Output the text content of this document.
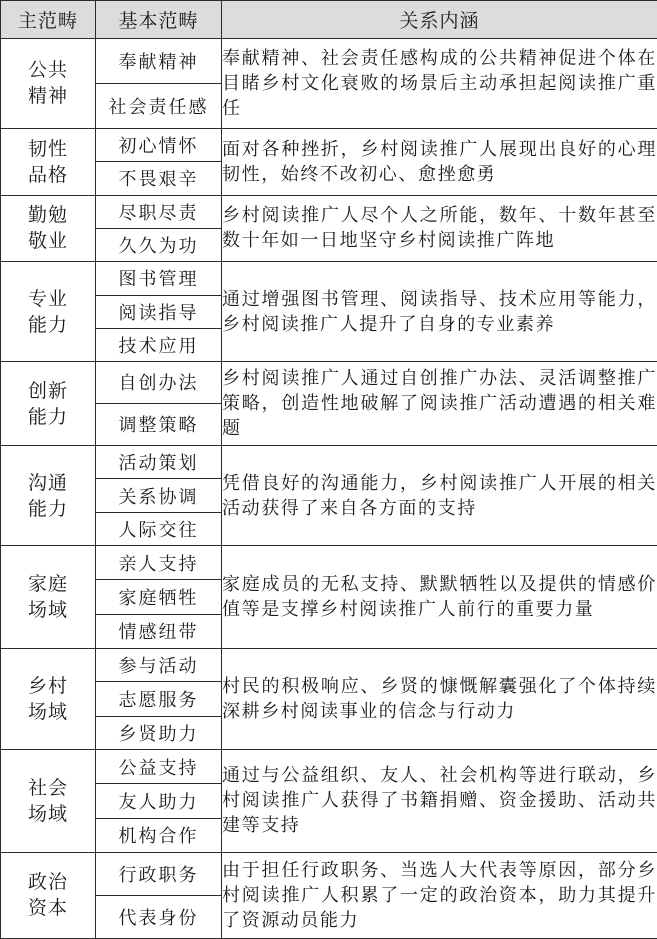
主范畴	基本范畴	关系内涵
公共精神	奉献精神	奉献精神、社会责任感构成的公共精神促进个体在目睹乡村文化衰败的场景后主动承担起阅读推广重任
	社会责任感	
韧性品格	初心情怀	面对各种挫折，乡村阅读推广人展现出良好的心理韧性，始终不改初心、愈挫愈勇
	不畏艰辛	
勤勉敬业	尽职尽责	乡村阅读推广人尽个人之所能，数年、十数年甚至数十年如一日地坚守乡村阅读推广阵地
	久久为功	
专业能力	图书管理	通过增强图书管理、阅读指导、技术应用等能力，乡村阅读推广人提升了自身的专业素养
	阅读指导	
	技术应用	
创新能力	自创办法	乡村阅读推广人通过自创推广办法、灵活调整推广策略，创造性地破解了阅读推广活动遭遇的相关难题
	调整策略	
沟通能力	活动策划	凭借良好的沟通能力，乡村阅读推广人开展的相关活动获得了来自各方面的支持
	关系协调	
	人际交往	
家庭场域	亲人支持	家庭成员的无私支持、默默牺牲以及提供的情感价值等是支撑乡村阅读推广人前行的重要力量
	家庭牺牲	
	情感纽带	
乡村场域	参与活动	村民的积极响应、乡贤的慷慨解囊强化了个体持续深耕乡村阅读事业的信念与行动力
	志愿服务	
	乡贤助力	
社会场域	公益支持	通过与公益组织、友人、社会机构等进行联动，乡村阅读推广人获得了书籍捐赠、资金援助、活动共建等支持
	友人助力	
	机构合作	
政治资本	行政职务	由于担任行政职务、当选人大代表等原因，部分乡村阅读推广人积累了一定的政治资本，助力其提升了资源动员能力
	代表身份	
